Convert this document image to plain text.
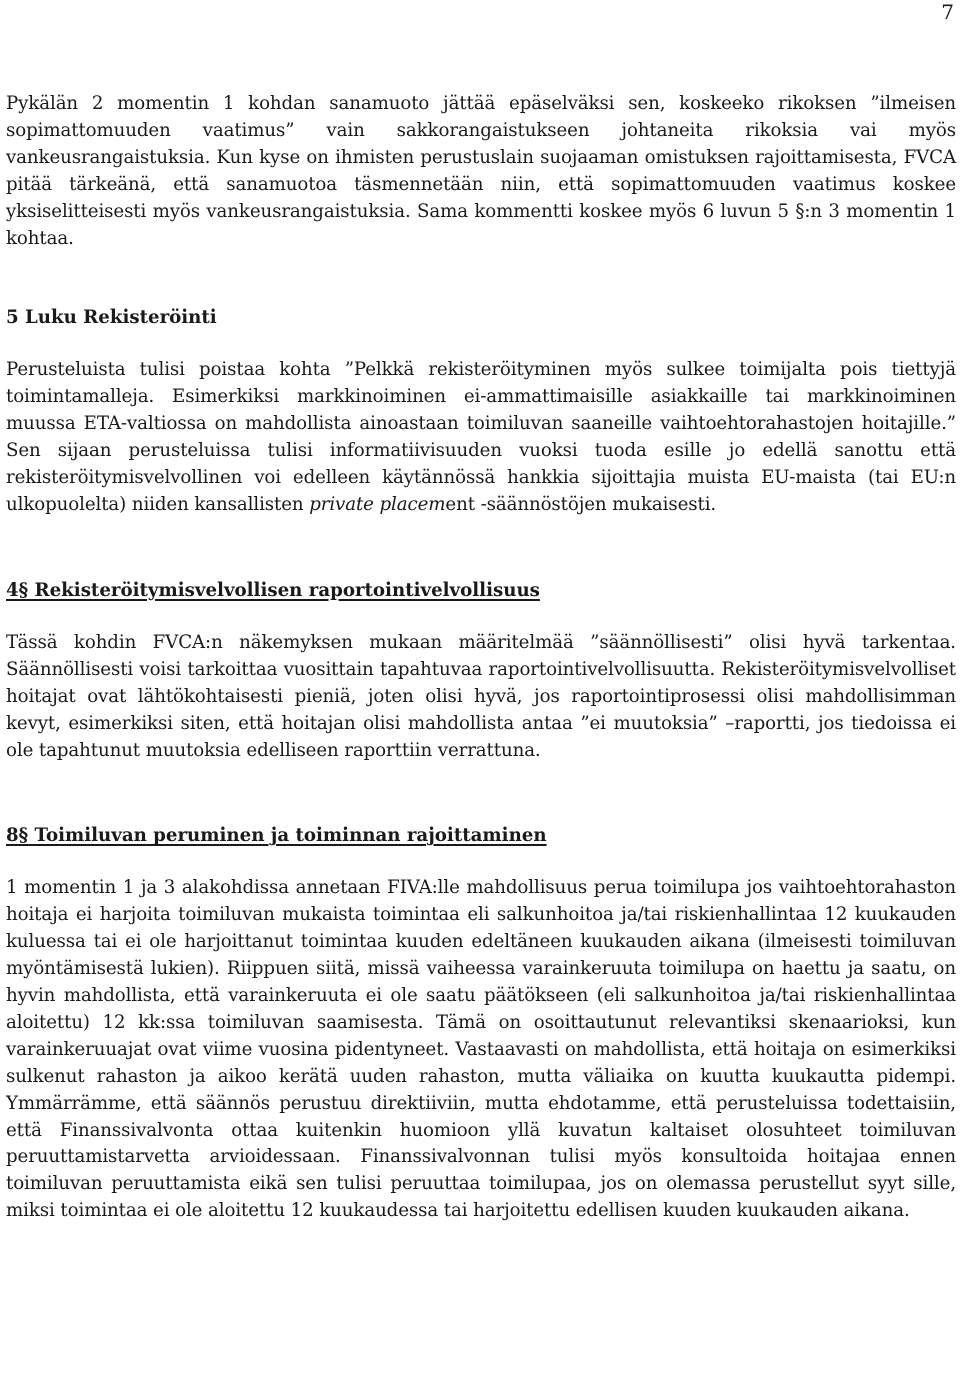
7

Pykälän 2 momentin 1 kohdan sanamuoto jättää epäselväksi sen, koskeeko rikoksen ”ilmeisen sopimattomuuden vaatimus” vain sakkorangaistukseen johtaneita rikoksia vai myös vankeusrangaistuksia. Kun kyse on ihmisten perustuslain suojaaman omistuksen rajoittamisesta, FVCA pitää tärkeänä, että sanamuotoa täsmennetään niin, että sopimattomuuden vaatimus koskee yksiselitteisesti myös vankeusrangaistuksia. Sama kommentti koskee myös 6 luvun 5 §:n 3 momentin 1 kohtaa.

5 Luku Rekisteröinti

Perusteluista tulisi poistaa kohta ”Pelkkä rekisteröityminen myös sulkee toimijalta pois tiettyjä toimintamalleja. Esimerkiksi markkinoiminen ei-ammattimaisille asiakkaille tai markkinoiminen muussa ETA-valtiossa on mahdollista ainoastaan toimiluvan saaneille vaihtoehtorahastojen hoitajille.” Sen sijaan perusteluissa tulisi informatiivisuuden vuoksi tuoda esille jo edellä sanottu että rekisteröitymisvelvollinen voi edelleen käytännössä hankkia sijoittajia muista EU-maista (tai EU:n ulkopuolelta) niiden kansallisten private placement -säännöstöjen mukaisesti.

4§ Rekisteröitymisvelvollisen raportointivelvollisuus

Tässä kohdin FVCA:n näkemyksen mukaan määritelmää ”säännöllisesti” olisi hyvä tarkentaa. Säännöllisesti voisi tarkoittaa vuosittain tapahtuvaa raportointivelvollisuutta. Rekisteröitymisvelvolliset hoitajat ovat lähtökohtaisesti pieniä, joten olisi hyvä, jos raportointiprosessi olisi mahdollisimman kevyt, esimerkiksi siten, että hoitajan olisi mahdollista antaa ”ei muutoksia” –raportti, jos tiedoissa ei ole tapahtunut muutoksia edelliseen raporttiin verrattuna.

8§ Toimiluvan peruminen ja toiminnan rajoittaminen

1 momentin 1 ja 3 alakohdissa annetaan FIVA:lle mahdollisuus perua toimilupa jos vaihtoehtorahaston hoitaja ei harjoita toimiluvan mukaista toimintaa eli salkunhoitoa ja/tai riskienhallintaa 12 kuukauden kuluessa tai ei ole harjoittanut toimintaa kuuden edeltäneen kuukauden aikana (ilmeisesti toimiluvan myöntämisestä lukien). Riippuen siitä, missä vaiheessa varainkeruuta toimilupa on haettu ja saatu, on hyvin mahdollista, että varainkeruuta ei ole saatu päätökseen (eli salkunhoitoa ja/tai riskienhallintaa aloitettu) 12 kk:ssa toimiluvan saamisesta. Tämä on osoittautunut relevantiksi skenaarioksi, kun varainkeruuajat ovat viime vuosina pidentyneet. Vastaavasti on mahdollista, että hoitaja on esimerkiksi sulkenut rahaston ja aikoo kerätä uuden rahaston, mutta väliaika on kuutta kuukautta pidempi. Ymmärrämme, että säännös perustuu direktiiviin, mutta ehdotamme, että perusteluissa todettaisiin, että Finanssivalvonta ottaa kuitenkin huomioon yllä kuvatun kaltaiset olosuhteet toimiluvan peruuttamistarvetta arvioidessaan. Finanssivalvonnan tulisi myös konsultoida hoitajaa ennen toimiluvan peruuttamista eikä sen tulisi peruuttaa toimilupaa, jos on olemassa perustellut syyt sille, miksi toimintaa ei ole aloitettu 12 kuukaudessa tai harjoitettu edellisen kuuden kuukauden aikana.
